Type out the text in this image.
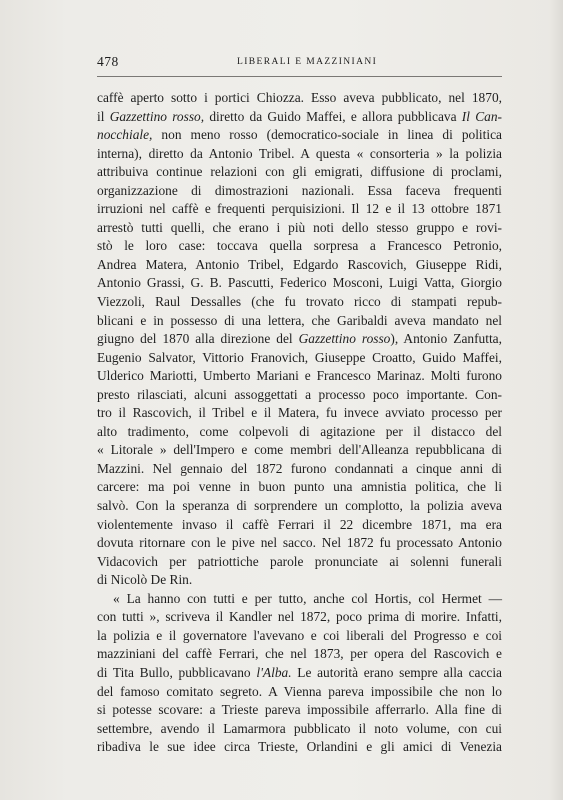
478	LIBERALI E MAZZINIANI
caffè aperto sotto i portici Chiozza. Esso aveva pubblicato, nel 1870,
il Gazzettino rosso, diretto da Guido Maffei, e allora pubblicava Il Can-
nocchiale, non meno rosso (democratico-sociale in linea di politica
interna), diretto da Antonio Tribel. A questa « consorteria » la polizia
attribuiva continue relazioni con gli emigrati, diffusione di proclami,
organizzazione di dimostrazioni nazionali. Essa faceva frequenti
irruzioni nel caffè e frequenti perquisizioni. Il 12 e il 13 ottobre 1871
arrestò tutti quelli, che erano i più noti dello stesso gruppo e rovi-
stò le loro case: toccava quella sorpresa a Francesco Petronio,
Andrea Matera, Antonio Tribel, Edgardo Rascovich, Giuseppe Ridi,
Antonio Grassi, G. B. Pascutti, Federico Mosconi, Luigi Vatta, Giorgio
Viezzoli, Raul Dessalles (che fu trovato ricco di stampati repub-
blicani e in possesso di una lettera, che Garibaldi aveva mandato nel
giugno del 1870 alla direzione del Gazzettino rosso), Antonio Zanfutta,
Eugenio Salvator, Vittorio Franovich, Giuseppe Croatto, Guido Maffei,
Ulderico Mariotti, Umberto Mariani e Francesco Marinaz. Molti furono
presto rilasciati, alcuni assoggettati a processo poco importante. Con-
tro il Rascovich, il Tribel e il Matera, fu invece avviato processo per
alto tradimento, come colpevoli di agitazione per il distacco del
« Litorale » dell'Impero e come membri dell'Alleanza repubblicana di
Mazzini. Nel gennaio del 1872 furono condannati a cinque anni di
carcere: ma poi venne in buon punto una amnistia politica, che li
salvò. Con la speranza di sorprendere un complotto, la polizia aveva
violentemente invaso il caffè Ferrari il 22 dicembre 1871, ma era
dovuta ritornare con le pive nel sacco. Nel 1872 fu processato Antonio
Vidacovich per patriottiche parole pronunciate ai solenni funerali
di Nicolò De Rin.
« La hanno con tutti e per tutto, anche col Hortis, col Hermet —
con tutti », scriveva il Kandler nel 1872, poco prima di morire. Infatti,
la polizia e il governatore l'avevano e coi liberali del Progresso e coi
mazziniani del caffè Ferrari, che nel 1873, per opera del Rascovich e
di Tita Bullo, pubblicavano l'Alba. Le autorità erano sempre alla caccia
del famoso comitato segreto. A Vienna pareva impossibile che non lo
si potesse scovare: a Trieste pareva impossibile afferrarlo. Alla fine di
settembre, avendo il Lamarmora pubblicato il noto volume, con cui
ribadiva le sue idee circa Trieste, Orlandini e gli amici di Venezia
